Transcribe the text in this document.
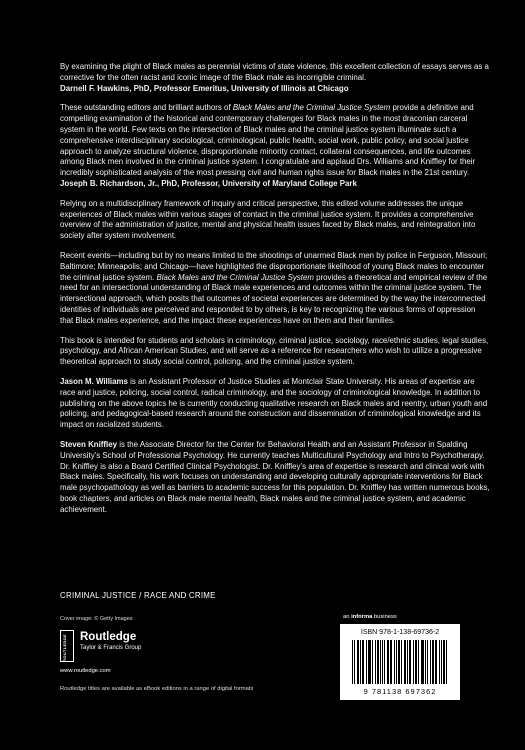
By examining the plight of Black males as perennial victims of state violence, this excellent collection of essays serves as a corrective for the often racist and iconic image of the Black male as incorrigible criminal.
Darnell F. Hawkins, PhD, Professor Emeritus, University of Illinois at Chicago

These outstanding editors and brilliant authors of Black Males and the Criminal Justice System provide a definitive and compelling examination of the historical and contemporary challenges for Black males in the most draconian carceral system in the world. Few texts on the intersection of Black males and the criminal justice system illuminate such a comprehensive interdisciplinary sociological, criminological, public health, social work, public policy, and social justice approach to analyze structural violence, disproportionate minority contact, collateral consequences, and life outcomes among Black men involved in the criminal justice system. I congratulate and applaud Drs. Williams and Kniffley for their incredibly sophisticated analysis of the most pressing civil and human rights issue for Black males in the 21st century.
Joseph B. Richardson, Jr., PhD, Professor, University of Maryland College Park

Relying on a multidisciplinary framework of inquiry and critical perspective, this edited volume addresses the unique experiences of Black males within various stages of contact in the criminal justice system. It provides a comprehensive overview of the administration of justice, mental and physical health issues faced by Black males, and reintegration into society after system involvement.

Recent events—including but by no means limited to the shootings of unarmed Black men by police in Ferguson, Missouri; Baltimore; Minneapolis; and Chicago—have highlighted the disproportionate likelihood of young Black males to encounter the criminal justice system. Black Males and the Criminal Justice System provides a theoretical and empirical review of the need for an intersectional understanding of Black male experiences and outcomes within the criminal justice system. The intersectional approach, which posits that outcomes of societal experiences are determined by the way the interconnected identities of individuals are perceived and responded to by others, is key to recognizing the various forms of oppression that Black males experience, and the impact these experiences have on them and their families.

This book is intended for students and scholars in criminology, criminal justice, sociology, race/ethnic studies, legal studies, psychology, and African American Studies, and will serve as a reference for researchers who wish to utilize a progressive theoretical approach to study social control, policing, and the criminal justice system.

Jason M. Williams is an Assistant Professor of Justice Studies at Montclair State University. His areas of expertise are race and justice, policing, social control, radical criminology, and the sociology of criminological knowledge. In addition to publishing on the above topics he is currently conducting qualitative research on Black males and reentry, urban youth and policing, and pedagogical-based research around the construction and dissemination of criminological knowledge and its impact on racialized students.

Steven Kniffley is the Associate Director for the Center for Behavioral Health and an Assistant Professor in Spalding University’s School of Professional Psychology. He currently teaches Multicultural Psychology and Intro to Psychotherapy. Dr. Kniffley is also a Board Certified Clinical Psychologist. Dr. Kniffley’s area of expertise is research and clinical work with Black males. Specifically, his work focuses on understanding and developing culturally appropriate interventions for Black male psychopathology as well as barriers to academic success for this population. Dr. Kniffley has written numerous books, book chapters, and articles on Black male mental health, Black males and the criminal justice system, and academic achievement.

CRIMINAL JUSTICE / RACE AND CRIME
Cover image: © Getty Images
ROUTLEDGE Routledge
Taylor & Francis Group
www.routledge.com
Routledge titles are available as eBook editions in a range of digital formats
an informa business
ISBN 978-1-138-69736-2
9 781138 697362
